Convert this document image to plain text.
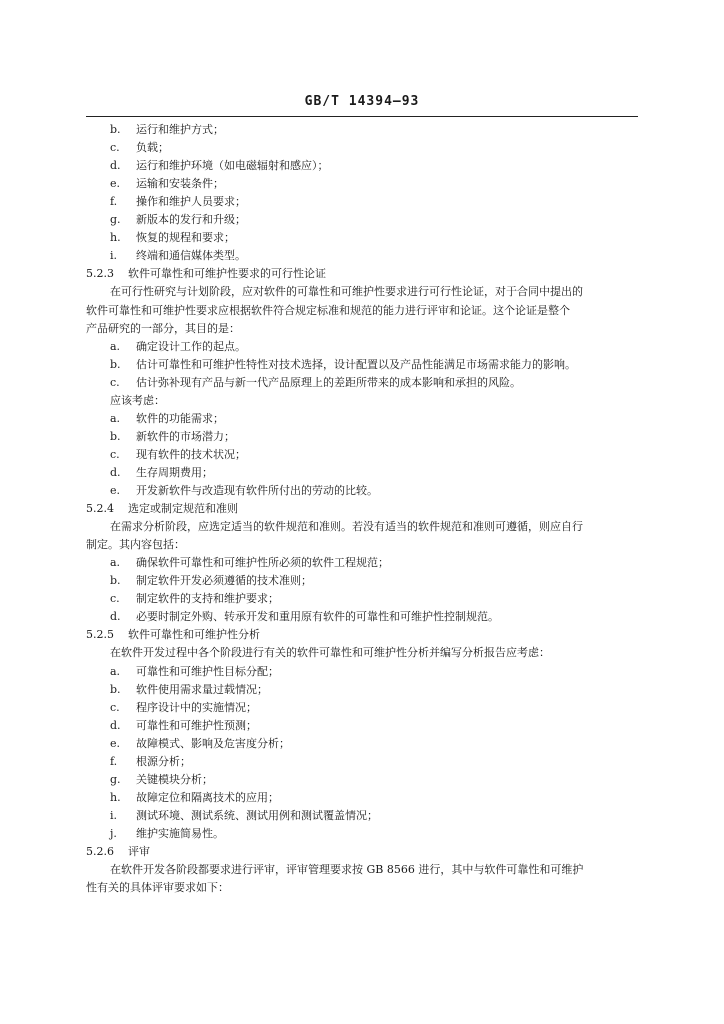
GB/T 14394—93
b. 运行和维护方式；
c. 负载；
d. 运行和维护环境（如电磁辐射和感应）；
e. 运输和安装条件；
f. 操作和维护人员要求；
g. 新版本的发行和升级；
h. 恢复的规程和要求；
i. 终端和通信媒体类型。
5.2.3 软件可靠性和可维护性要求的可行性论证
在可行性研究与计划阶段，应对软件的可靠性和可维护性要求进行可行性论证，对于合同中提出的
软件可靠性和可维护性要求应根据软件符合规定标准和规范的能力进行评审和论证。这个论证是整个
产品研究的一部分，其目的是：
a. 确定设计工作的起点。
b. 估计可靠性和可维护性特性对技术选择，设计配置以及产品性能满足市场需求能力的影响。
c. 估计弥补现有产品与新一代产品原理上的差距所带来的成本影响和承担的风险。
应该考虑：
a. 软件的功能需求；
b. 新软件的市场潜力；
c. 现有软件的技术状况；
d. 生存周期费用；
e. 开发新软件与改造现有软件所付出的劳动的比较。
5.2.4 选定或制定规范和准则
在需求分析阶段，应选定适当的软件规范和准则。若没有适当的软件规范和准则可遵循，则应自行
制定。其内容包括：
a. 确保软件可靠性和可维护性所必须的软件工程规范；
b. 制定软件开发必须遵循的技术准则；
c. 制定软件的支持和维护要求；
d. 必要时制定外购、转承开发和重用原有软件的可靠性和可维护性控制规范。
5.2.5 软件可靠性和可维护性分析
在软件开发过程中各个阶段进行有关的软件可靠性和可维护性分析并编写分析报告应考虑：
a. 可靠性和可维护性目标分配；
b. 软件使用需求量过载情况；
c. 程序设计中的实施情况；
d. 可靠性和可维护性预测；
e. 故障模式、影响及危害度分析；
f. 根源分析；
g. 关键模块分析；
h. 故障定位和隔离技术的应用；
i. 测试环境、测试系统、测试用例和测试覆盖情况；
j. 维护实施简易性。
5.2.6 评审
在软件开发各阶段都要求进行评审，评审管理要求按 GB 8566 进行，其中与软件可靠性和可维护
性有关的具体评审要求如下：
